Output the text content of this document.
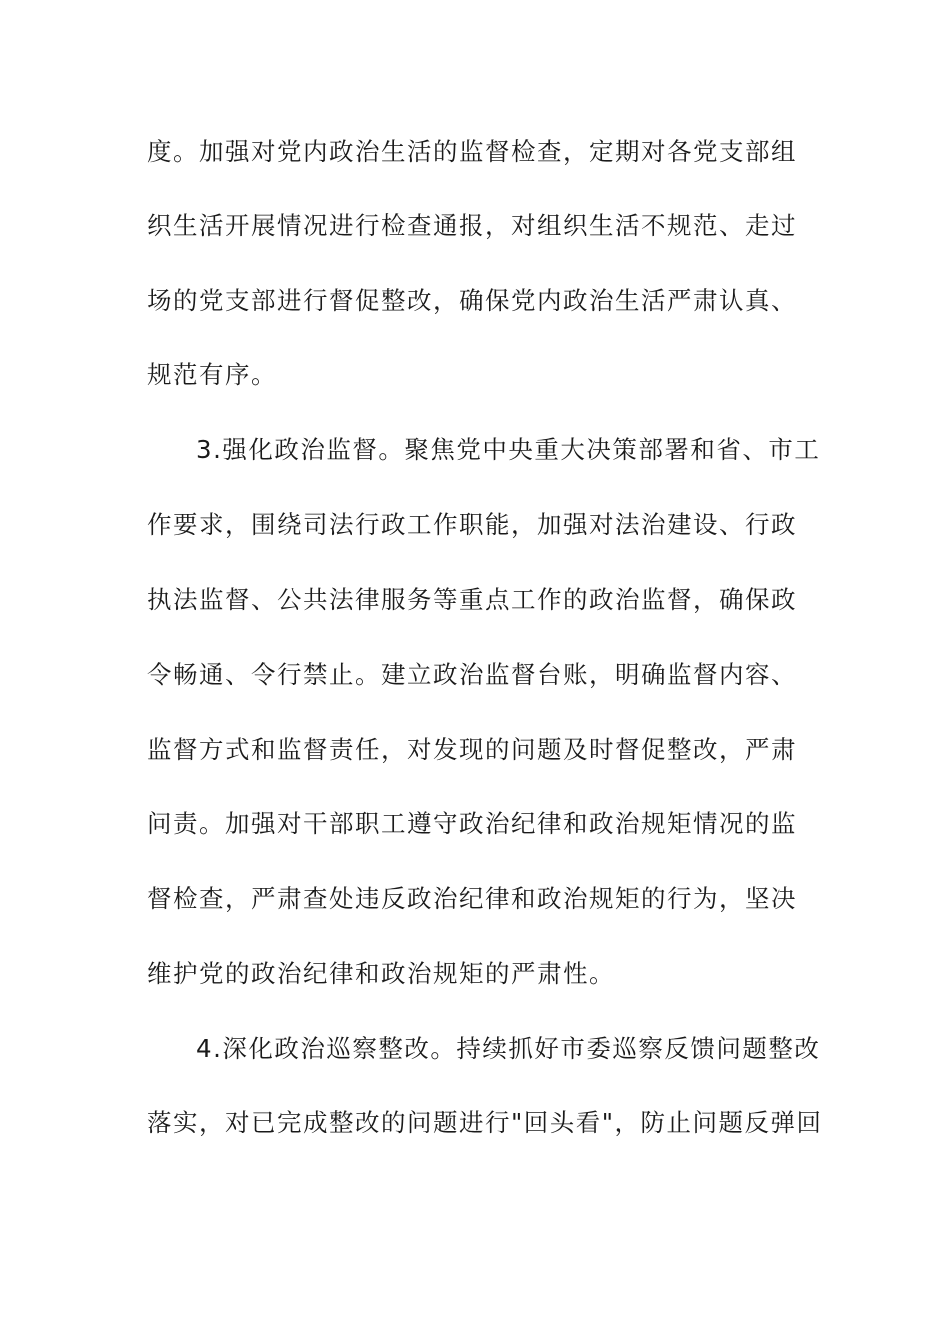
度。加强对党内政治生活的监督检查，定期对各党支部组
织生活开展情况进行检查通报，对组织生活不规范、走过
场的党支部进行督促整改，确保党内政治生活严肃认真、
规范有序。
3.强化政治监督。聚焦党中央重大决策部署和省、市工
作要求，围绕司法行政工作职能，加强对法治建设、行政
执法监督、公共法律服务等重点工作的政治监督，确保政
令畅通、令行禁止。建立政治监督台账，明确监督内容、
监督方式和监督责任，对发现的问题及时督促整改，严肃
问责。加强对干部职工遵守政治纪律和政治规矩情况的监
督检查，严肃查处违反政治纪律和政治规矩的行为，坚决
维护党的政治纪律和政治规矩的严肃性。
4.深化政治巡察整改。持续抓好市委巡察反馈问题整改
落实，对已完成整改的问题进行"回头看"，防止问题反弹回
